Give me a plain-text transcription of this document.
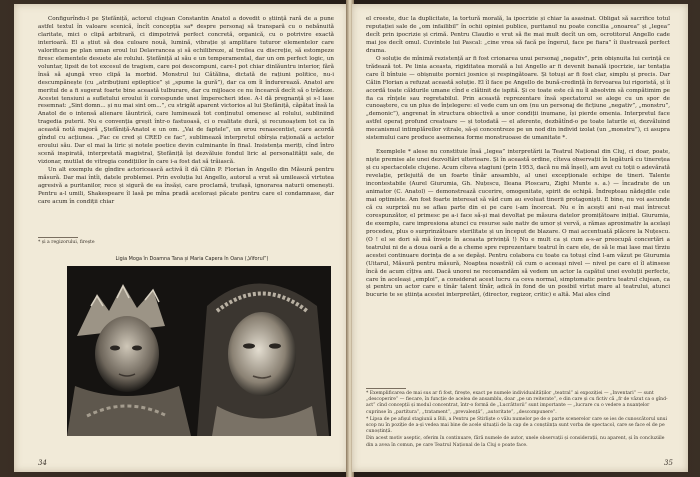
Configurîndu-l pe Ștefăniță, actorul clujean Constantin Anatol a dovedit o știință rară de a pune astfel textul în valoare scenică, încît concepția sa* despre personaj să transpară cu o nebănuită claritate, mici o clipă arbitrară, ci dimpotrivă perfect concretă, organică, cu o potrivire exactă interioară. El a știut să dea culoare nouă, lumină, vibrație și amplitare tuturor elementelor care valorificau pe plan uman eroul lui Delavrancea și să echilibreze, al treilea cu discreție, să estompeze firesc elementele desuete ale rolului. Ștefăniță al său e un temperamental, dar un om perfect logic, un voluntar, lipsit de tot excesul de tragism, care poi descompuni, care-l pot chiar dinlăuntru interior, fără însă să ajungă vreo clipă la morbid. Monstrul lui Cătălina, dictată de rațiuni politice, nu-i descumpănește (cu „atribuțiuni epileptice” și „spume la gură”), dar ca om îl îndurerează. Anatol are meritul de a fi sugerat foarte bine această tulburare, dar cu mijloace ce nu încearcă decît să o trădeze. Acestei tensiuni a sufletului eroului îi corespunde unei împerecheri idee. A-l dă pregnanță și s-l lase resemnat: „Sint domn... și nu mai sint om...”, cu strigăt aparent victorios al lui Ștefăniță, căpătat însă la Anatol de o intensă alienare lăuntrică, care luminează tot conținutul omenesc al rolului, subliniind tragedia puterii. Nu e convenția greșit într-o fastuoasă, ci o realitate dură, și recunoaștem tot ca în această notă majoră „Ștefăniță-Anatol e un om. „Vai de faptele”, un erou renascentist, care acordă gîndul cu acțiunea. „Fac ce cred și CRED ce fac”, sublimează interpretul obîrșia rațională a actelor eroului său. Dar el mai la liric și notele poetice devin culminante în final. Insistența meriți, cînd întro scenă inspirată, interpretată magistral, Ștefăniță își dezvăluie fondul liric al personalității sale, de vizionar, mutilat de vitregia condițiilor în care i-a fost dat să trăiască.

Un alt exemplu de gîndire actoricească activă îl dă Călin P. Florian în Angello din Măsură pentru măsură. Dar mai întîi, datele problemei. Prin evoluția lui Angello, autorul a vrut să umilească virtutea agresivă a puritanilor, rece și sigură de ea însăși, care proclamă, trufașă, ignorarea naturii omenești. Pentru a-l umili, Shakespeare îl lasă pe mîna pradă acelorași păcate pentru care el condamnase, dar care acum în condiții chiar

* și a regizorului, firește

Ligia Moga în Doamna Tana și Maria Capera în Oana („Viforul”)
34

el creeste, duc la duplicitate, la tortură morală, la ipocrizie și chiar la asasinat. Obligat să sacrifice totul reputației sale de „om infailibil” în ochii opiniei publice, puritanul nu poate concilia „onoarea” și „legea” decît prin ipocrizie și crimă. Pentru Claudio e vrut să fie mai mult decît un om, ocrotitorul Angello cade mai jos decît omul. Cuvintele lui Pascal: „cine vrea să facă pe îngerul, face pe fiara” îi ilustrează perfect drama.

O soluție de mînimă rezistență ar fi fost crionarea unui personaj „negativ”, prin obișnuita lui cerință ce trădează tot. Pe linia aceasta, rigiditatea morală a lui Angello ar fi devenit banală ipocrizie, iar tentația care îl bîntuie — obișnuite pornici josnice și respingătoare. Și totuși ar fi fost clar, simplu și precis. Dar Călin Florian a refuzat această soluție. El îl face pe Angello de bună-credință în fervoarea lui rigoristă, și îi acordă toate căldurile umane cînd e clătinit de ispită. Și ce toate este că nu îl absolvim să compătimim pe fia ca rînțele sau regretabilul. Prin această reprezentare însă spectatorul se alege cu un spor de cunoaștere, cu un plus de înțelegere: el vede cum un om (nu un personaj de ficțiune „negativ”, „monstru”, „demonic”), angrenat în structura obiectivă a unor condiții inumane, își pierde omenia. Interpretul face astfel operaț profund creatoare — și totodată — el aferente, dezbătînd-o pe toate laturile ei, dezvăluind mecanismul intimplăreilor vitrale, să-și concentreze pe un nod din individ izolat (un „monstru”), ci asupra sistemului care produce asemenea forme monstruoase de umanitate *.

Exemplele * alese nu constituie însă „legea” interpretării la Teatrul Național din Cluj, ci doar, poate, niște premise ale unei dezvoltări ulterioare. Și în această ordine, cîteva observații în legătură cu tinerețea și cu spectacolele clujene. Acum cîteva stagiuni (prin 1953, dacă nu mă înșel), am avut cu toții o adevărată revelație, prilejuită de un foarte tînăr ansamblu, al unei excepționale echipe de tineri. Talente incontestabile (Aurel Giurumia, Gh. Nuțescu, Ileana Ploscaru, Zighi Munte s. a.) — încadrate de un animator (C. Anatol) — demonstrează cucerire, omogenitate, spirit de echipă. Îndrepteau nădejdile cele mai optimiste. Am fost foarte interesat să văd cum au evoluat tinerii protagoniști. E bine, nu voi ascunde că cu surpriză nu se aflau parte din ei pe care i-am încercat. Nu e în acești ani n-ai mai întrecut corespunzător, el primesc pe a-i face să-și mai devoltat pe măsura datelor promițătoare inițial. Giurumia, de exemplu, care impresiona atunci cu resurse sale nativ de umor și vervă, a rămas aproximativ la același procedeu, plus o surprinzătoare sterilitate și un început de blazare. O mai accentuată plăcere la Nuțescu. (O ! el se dori să mă învețe în aceasta privință !) Nu e mult ca și cum a-s-ar preocupă concertări a teatrului ni de a doua oară a de a cheme spre reprezentare teatrul în care ele, de să le mai lase mai tîrziu acestei continuare dorința de a se depăși. Pentru colabora cu toate ca totuși cînd l-am văzut pe Giurumia (Uitarul, Măsură pentru măsură, Noaptea noastră) că cum o aceeași nivel — nivel pe care el îl atinsese încă de acum cîțiva ani. Dacă unorei ne recomandăm să vedem un actor la capătul unei evoluții perfecte, care în aceleași „emploi”, a considerat acest lucru ca ceva normal, simptomatic pentru teatrul clujean, ca și pentru un actor care e tînăr talent tînăr, adică în fond de un posibil virtut mare al teatrului, atunci bucurie te se știința acestei interpretări, (director, regizor, critic) e altă. Mai ales cînd

* Exemplificarea de mai sus ar fi fost, firește, exact pe numele individualităților „teatral” ai expoziției — „Inventari” — sunt „descoperire” — fiecare, în funcție de acelea de ansamblu, doar „pe un reiterate”, e din care și cu fictiv că „fr de vâzut ca o gînd-act” cînd concepții și modul concentrat, într-o formă de „Lucrăttorii” sunt importante — „lucrare cu o vedere a nuanțelor cuprinse în „partitura”, „tratament”, „prevalență”, „autoritate”, „descompunere”.

* Lipsa de pe afișul stagiunii a Bili, a Pentru pe Stirliște o vâlu numelor pe de o parte scenerelor care se ies de cunoscătorul unui scop nu în poziție de a-și vedea mai bine de acele situații de la cap de a conștiința sunt vorba de spectacol, care se face el de pe cunoștință.

Din acest motiv aseptic, oferim în continuare, fără numele de autor, unele observații și considerații, nu aparent, și în concluziile din a avea în comun, pe care Teatrul Național de la Cluj o poate face.

35
